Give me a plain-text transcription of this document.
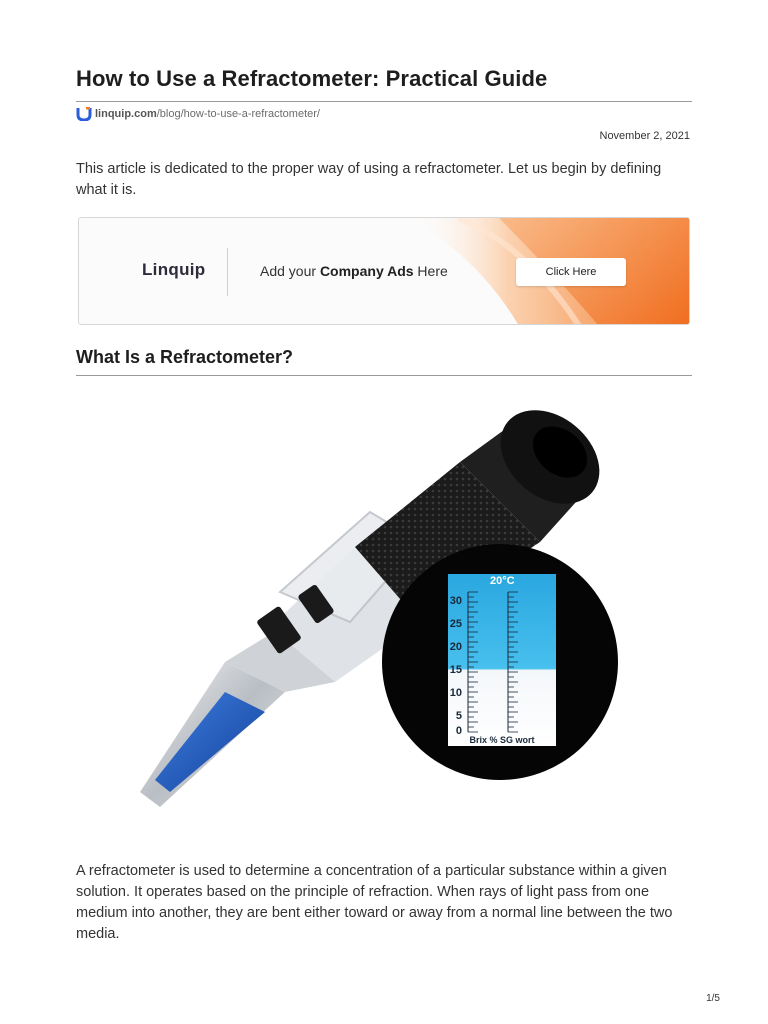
How to Use a Refractometer: Practical Guide
linquip.com /blog/how-to-use-a-refractometer/
November 2, 2021

This article is dedicated to the proper way of using a refractometer. Let us begin by defining what it is.

Linquip	Add your Company Ads Here	Click Here
What Is a Refractometer?
20°C
30
25
20
15
10
5
0
Brix % SG wort

A refractometer is used to determine a concentration of a particular substance within a given solution. It operates based on the principle of refraction. When rays of light pass from one medium into another, they are bent either toward or away from a normal line between the two media.

1/5
